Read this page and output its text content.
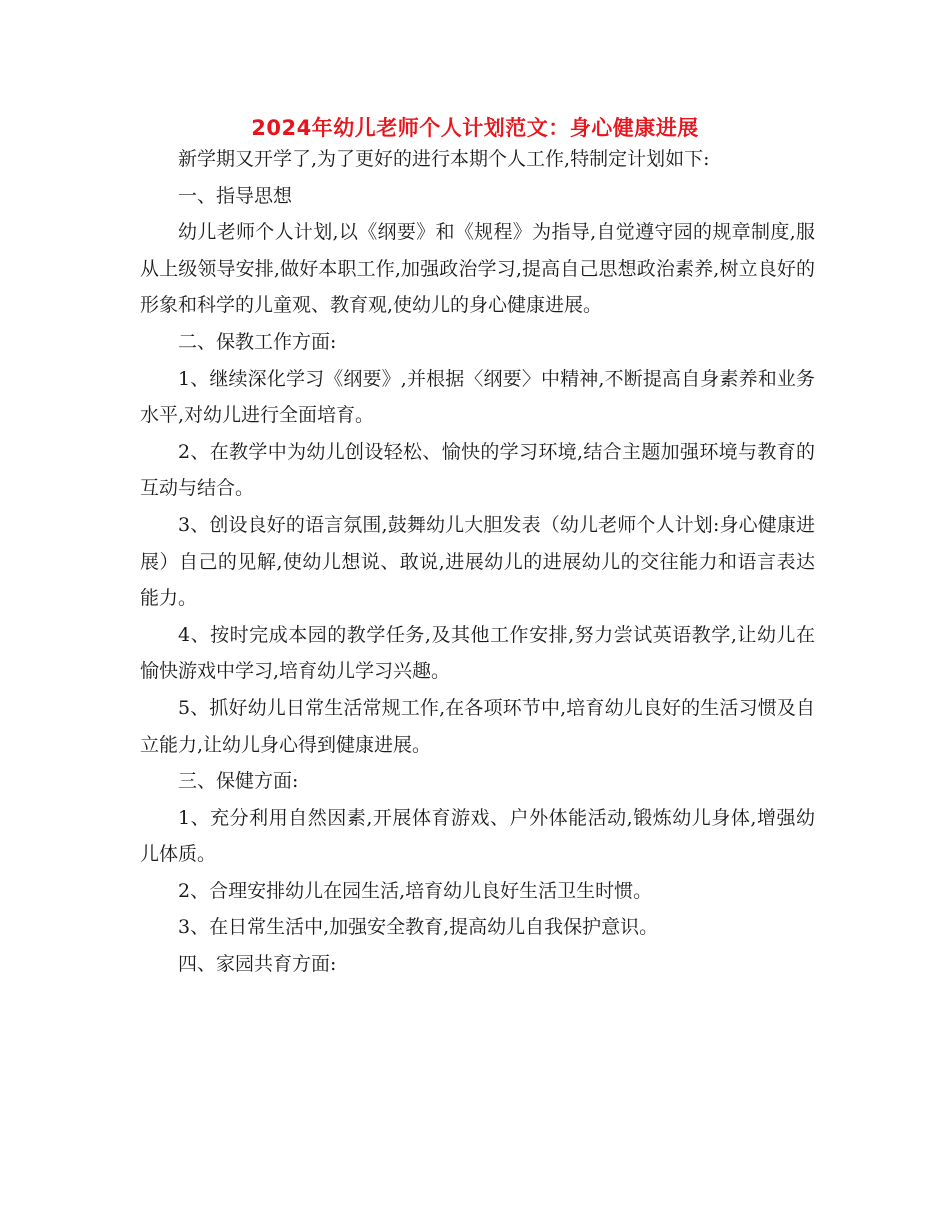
2024年幼儿老师个人计划范文：身心健康进展

新学期又开学了,为了更好的进行本期个人工作,特制定计划如下:

一、指导思想

幼儿老师个人计划,以《纲要》和《规程》为指导,自觉遵守园的规章制度,服从上级领导安排,做好本职工作,加强政治学习,提高自己思想政治素养,树立良好的形象和科学的儿童观、教育观,使幼儿的身心健康进展。

二、保教工作方面:

1、继续深化学习《纲要》,并根据〈纲要〉中精神,不断提高自身素养和业务水平,对幼儿进行全面培育。

2、在教学中为幼儿创设轻松、愉快的学习环境,结合主题加强环境与教育的互动与结合。

3、创设良好的语言氛围,鼓舞幼儿大胆发表（幼儿老师个人计划:身心健康进展）自己的见解,使幼儿想说、敢说,进展幼儿的进展幼儿的交往能力和语言表达能力。

4、按时完成本园的教学任务,及其他工作安排,努力尝试英语教学,让幼儿在愉快游戏中学习,培育幼儿学习兴趣。

5、抓好幼儿日常生活常规工作,在各项环节中,培育幼儿良好的生活习惯及自立能力,让幼儿身心得到健康进展。

三、保健方面:

1、充分利用自然因素,开展体育游戏、户外体能活动,锻炼幼儿身体,增强幼儿体质。

2、合理安排幼儿在园生活,培育幼儿良好生活卫生时惯。

3、在日常生活中,加强安全教育,提高幼儿自我保护意识。

四、家园共育方面:
